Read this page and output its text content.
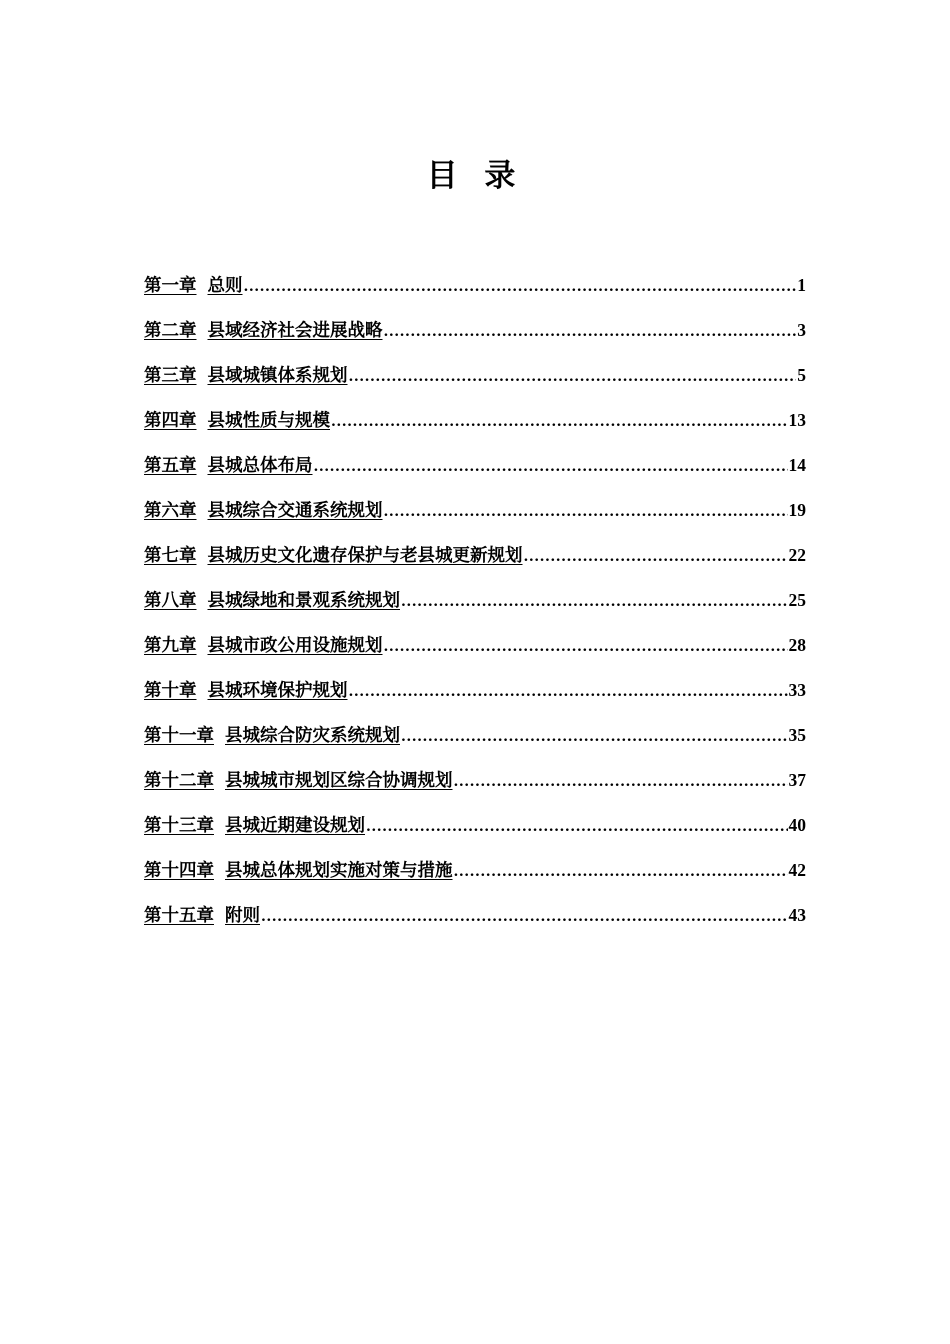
目 录
第一章 总则 .....	1
第二章 县域经济社会进展战略 .....	3
第三章 县域城镇体系规划 .....	5
第四章 县城性质与规模 .....	13
第五章 县城总体布局 .....	14
第六章 县城综合交通系统规划 .....	19
第七章 县城历史文化遗存保护与老县城更新规划 .....	22
第八章 县城绿地和景观系统规划 .....	25
第九章 县城市政公用设施规划 .....	28
第十章 县城环境保护规划 .....	33
第十一章 县城综合防灾系统规划 .....	35
第十二章 县城城市规划区综合协调规划 .....	37
第十三章 县城近期建设规划 .....	40
第十四章 县城总体规划实施对策与措施 .....	42
第十五章 附则 .....	43
